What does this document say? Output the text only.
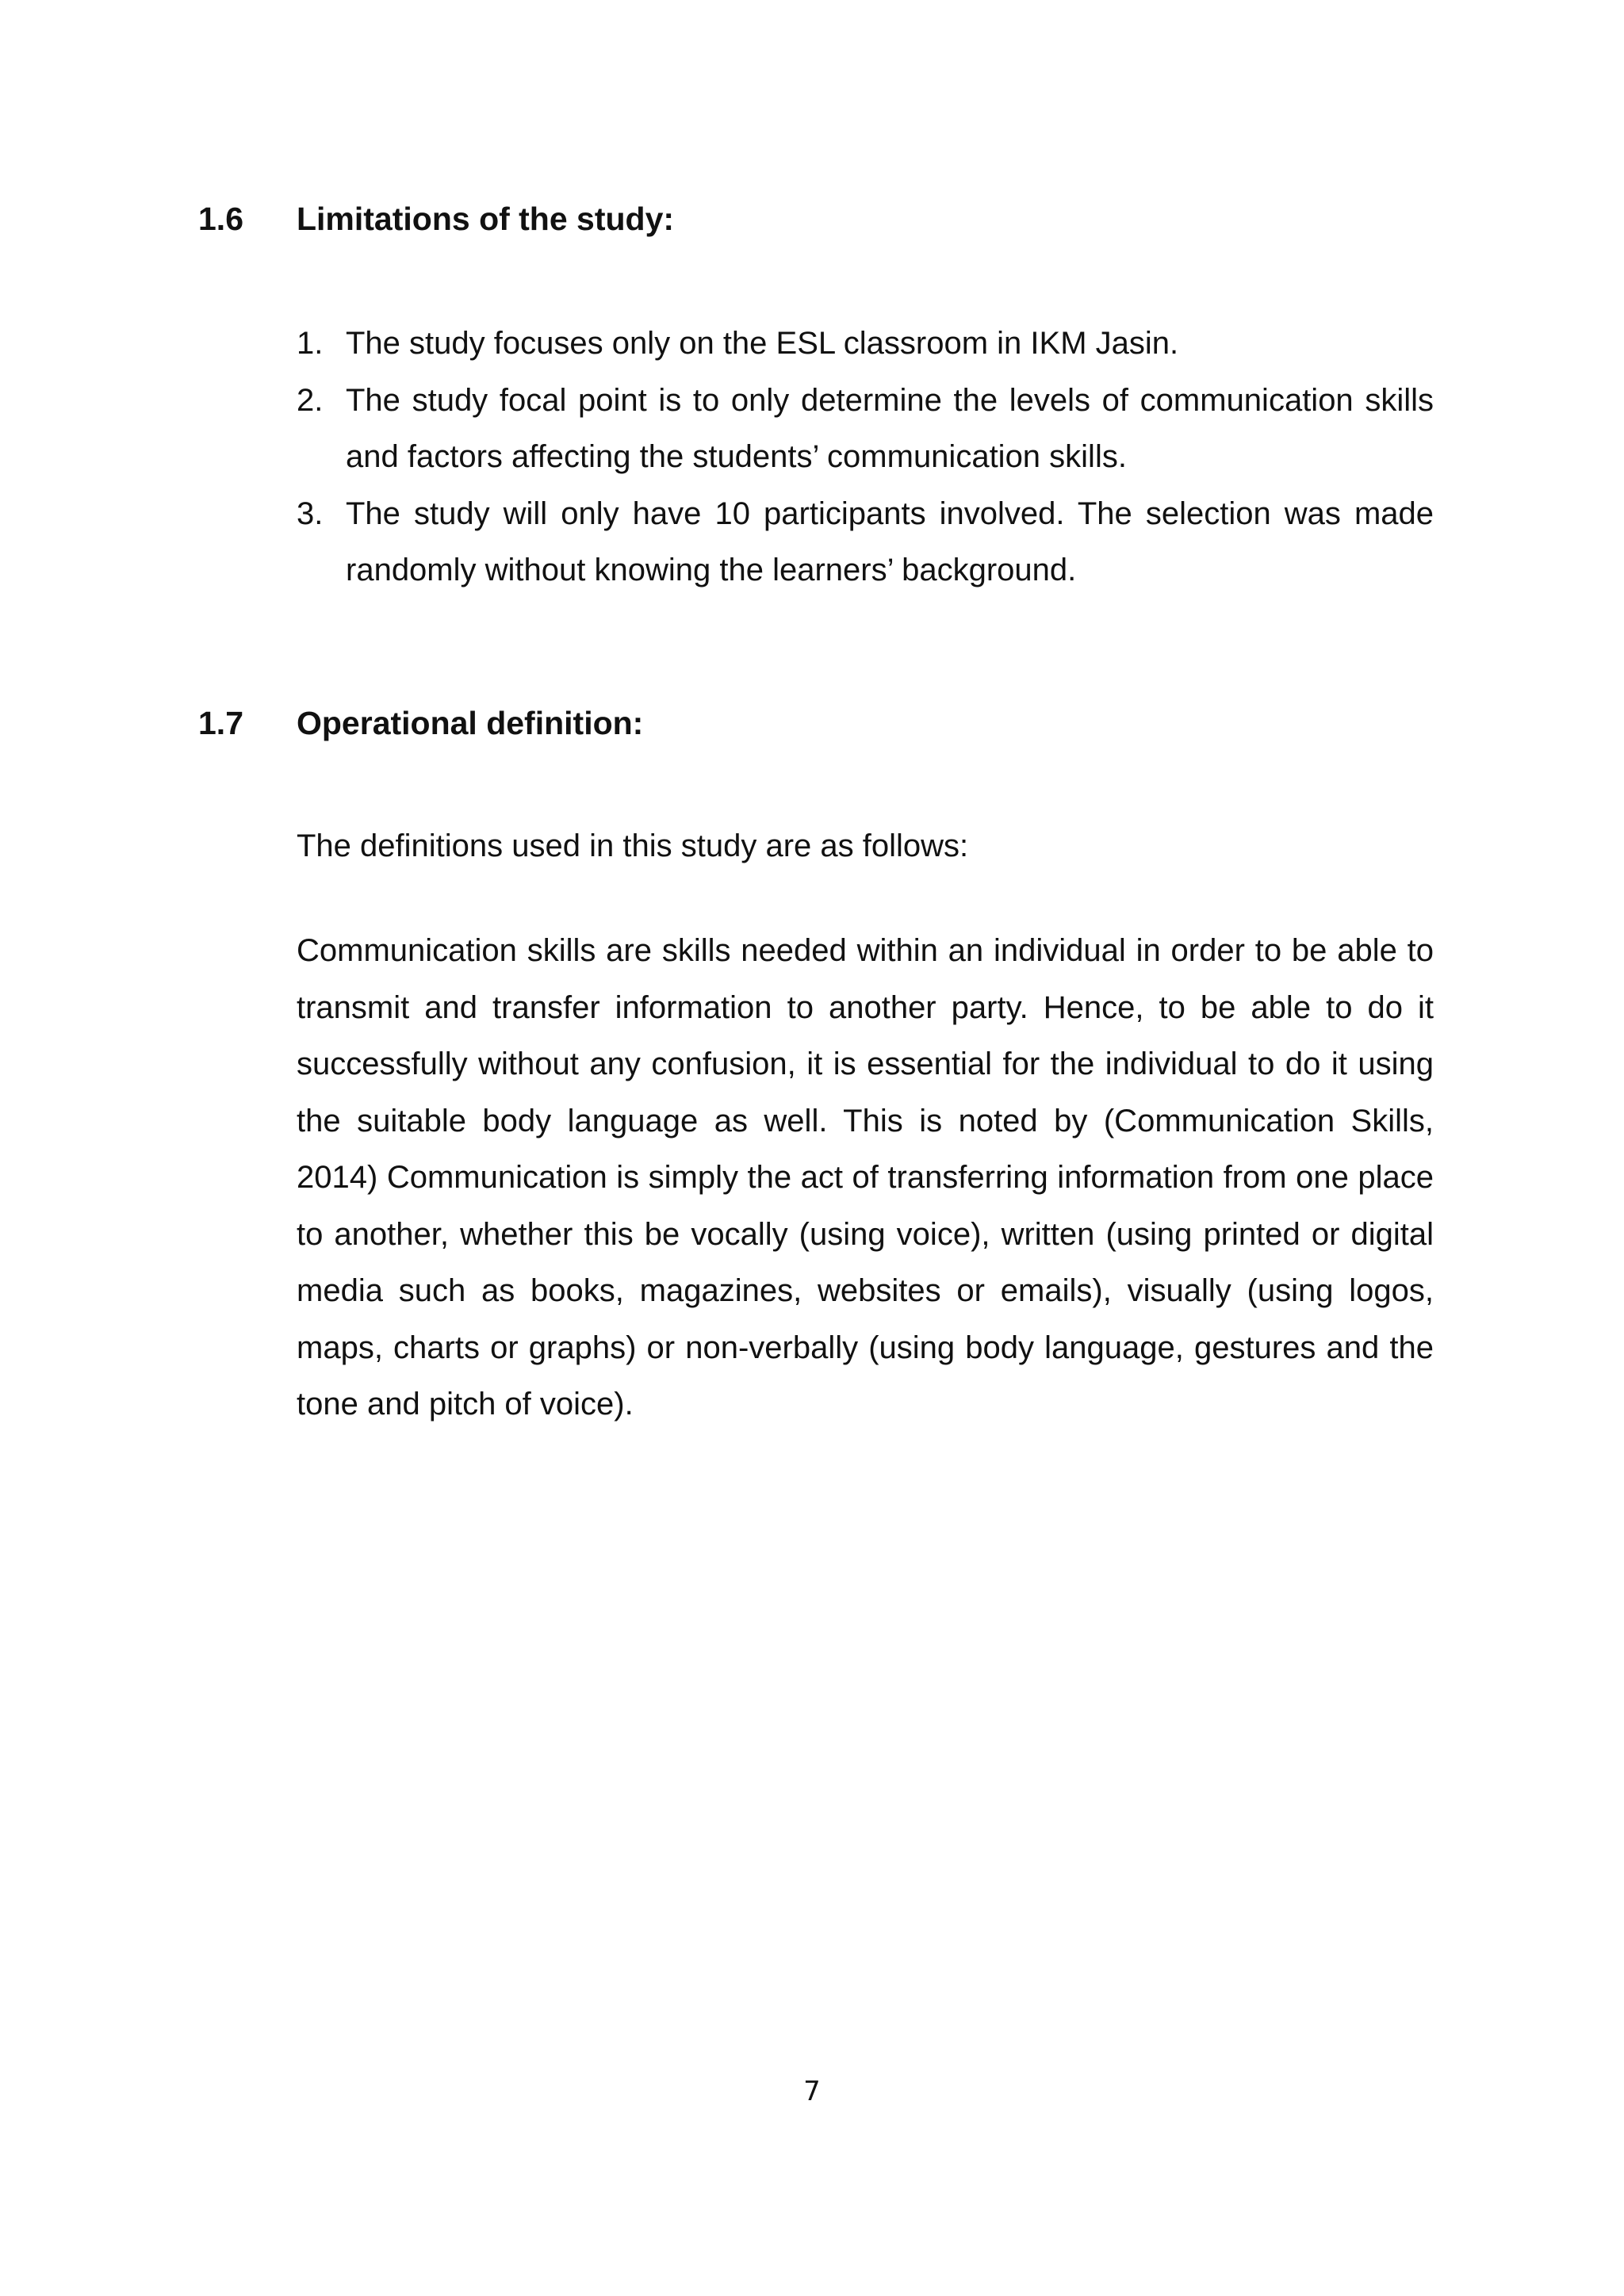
1.6 Limitations of the study:
1. The study focuses only on the ESL classroom in IKM Jasin.
2. The study focal point is to only determine the levels of communication skills and factors affecting the students’ communication skills.
3. The study will only have 10 participants involved. The selection was made randomly without knowing the learners’ background.
1.7 Operational definition:
The definitions used in this study are as follows:

Communication skills are skills needed within an individual in order to be able to transmit and transfer information to another party. Hence, to be able to do it successfully without any confusion, it is essential for the individual to do it using the suitable body language as well. This is noted by (Communication Skills, 2014) Communication is simply the act of transferring information from one place to another, whether this be vocally (using voice), written (using printed or digital media such as books, magazines, websites or emails), visually (using logos, maps, charts or graphs) or non-verbally (using body language, gestures and the tone and pitch of voice).

7
